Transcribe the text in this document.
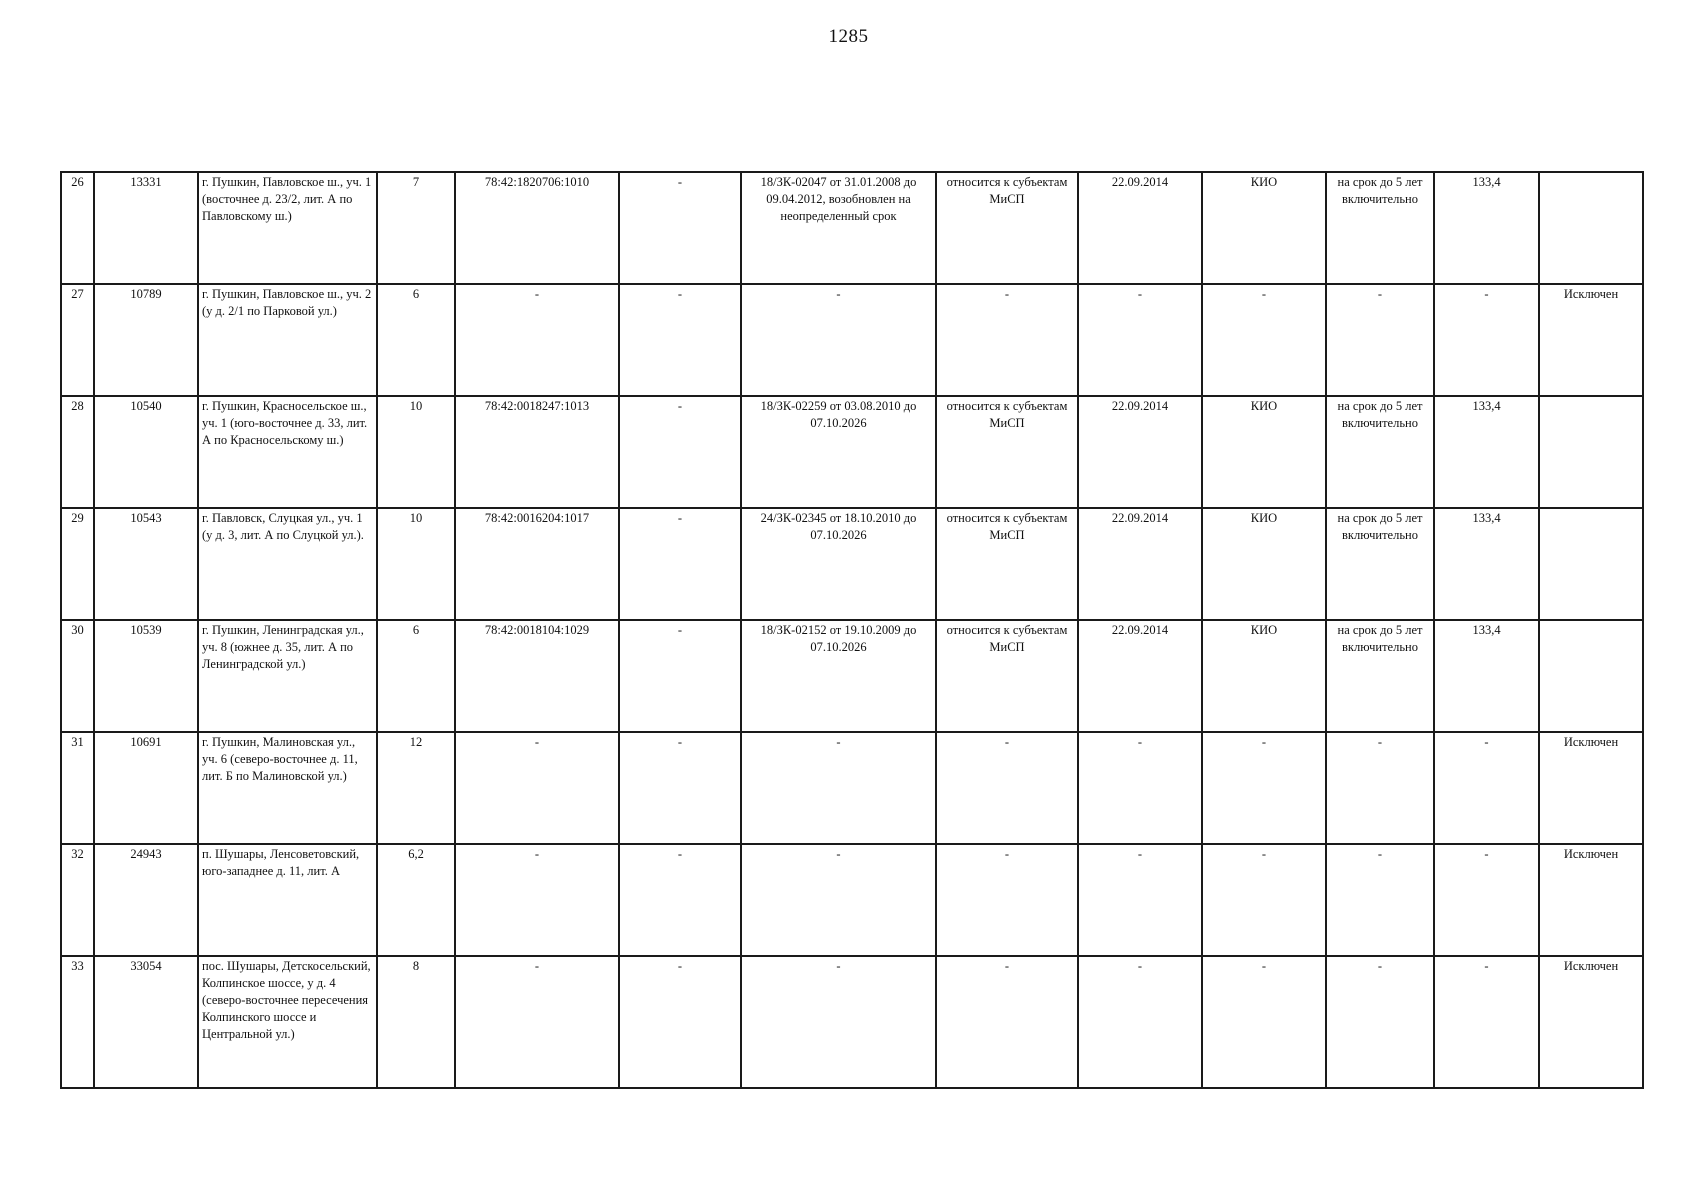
1285
26	13331	г. Пушкин, Павловское ш., уч. 1 (восточнее д. 23/2, лит. А по Павловскому ш.)	7	78:42:1820706:1010	-	18/ЗК-02047 от 31.01.2008 до 09.04.2012, возобновлен на неопределенный срок	относится к субъектам МиСП	22.09.2014	КИО	на срок до 5 лет включительно	133,4	
27	10789	г. Пушкин, Павловское ш., уч. 2 (у д. 2/1 по Парковой ул.)	6	-	-	-	-	-	-	-	-	Исключен
28	10540	г. Пушкин, Красносельское ш., уч. 1 (юго-восточнее д. 33, лит. А по Красносельскому ш.)	10	78:42:0018247:1013	-	18/ЗК-02259 от 03.08.2010 до 07.10.2026	относится к субъектам МиСП	22.09.2014	КИО	на срок до 5 лет включительно	133,4	
29	10543	г. Павловск, Слуцкая ул., уч. 1 (у д. 3, лит. А по Слуцкой ул.).	10	78:42:0016204:1017	-	24/ЗК-02345 от 18.10.2010 до 07.10.2026	относится к субъектам МиСП	22.09.2014	КИО	на срок до 5 лет включительно	133,4	
30	10539	г. Пушкин, Ленинградская ул., уч. 8 (южнее д. 35, лит. А по Ленинградской ул.)	6	78:42:0018104:1029	-	18/ЗК-02152 от 19.10.2009 до 07.10.2026	относится к субъектам МиСП	22.09.2014	КИО	на срок до 5 лет включительно	133,4	
31	10691	г. Пушкин, Малиновская ул., уч. 6 (северо-восточнее д. 11, лит. Б по Малиновской ул.)	12	-	-	-	-	-	-	-	-	Исключен
32	24943	п. Шушары, Ленсоветовский, юго-западнее д. 11, лит. А	6,2	-	-	-	-	-	-	-	-	Исключен
33	33054	пос. Шушары, Детскосельский, Колпинское шоссе, у д. 4 (северо-восточнее пересечения Колпинского шоссе и Центральной ул.)	8	-	-	-	-	-	-	-	-	Исключен
